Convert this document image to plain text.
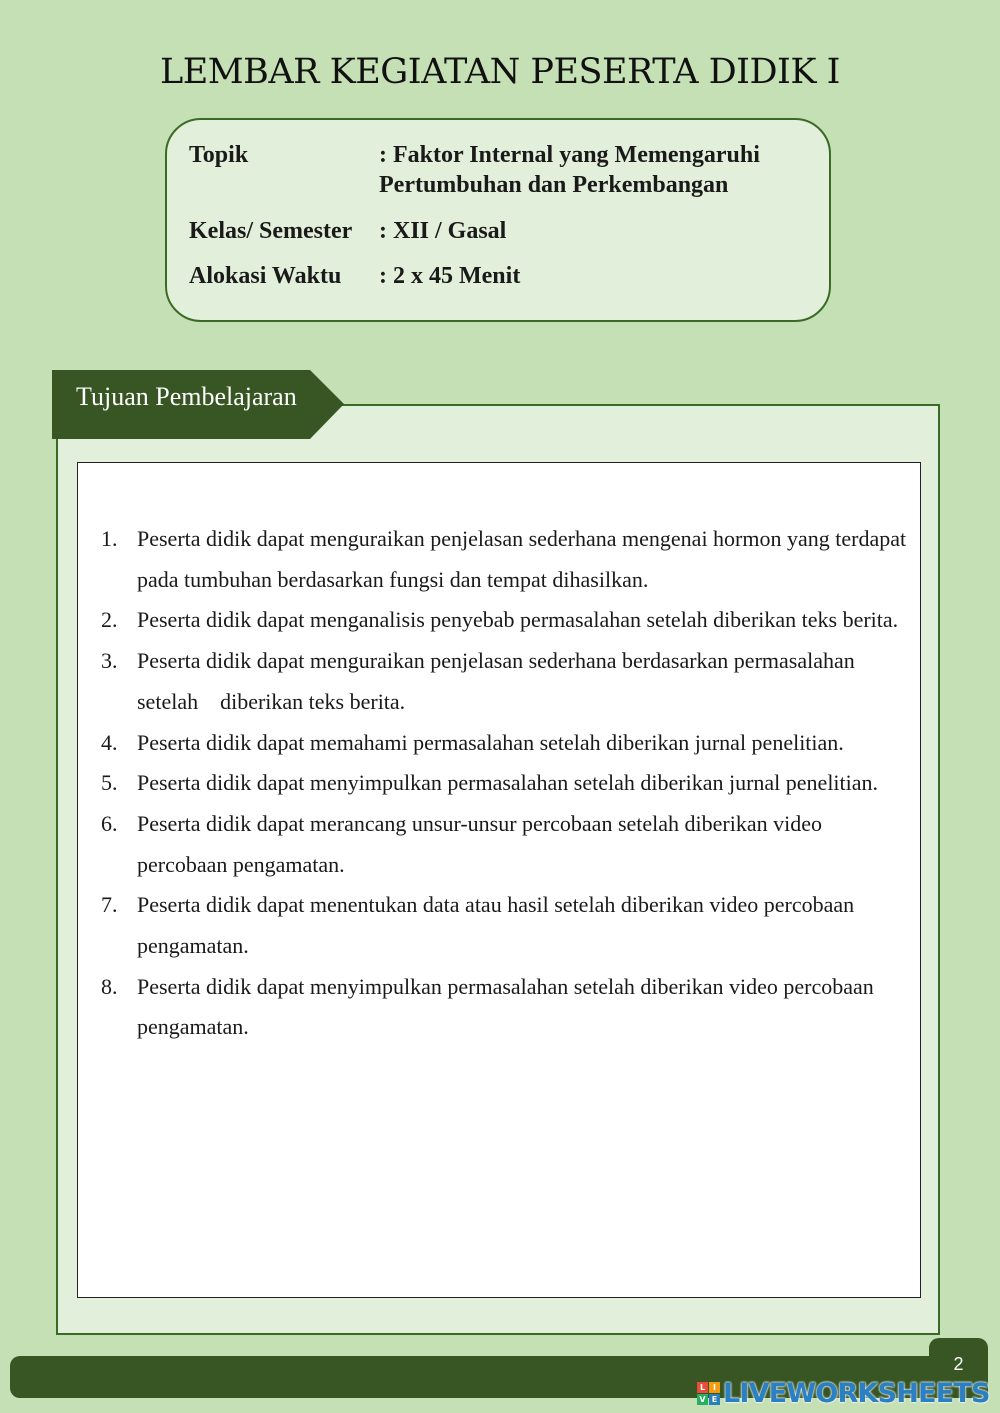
LEMBAR KEGIATAN PESERTA DIDIK I
Topik	: Faktor Internal yang Memengaruhi Pertumbuhan dan Perkembangan
Kelas/ Semester : XII / Gasal
Alokasi Waktu : 2 x 45 Menit
Tujuan Pembelajaran
1. Peserta didik dapat menguraikan penjelasan sederhana mengenai hormon yang terdapat pada tumbuhan berdasarkan fungsi dan tempat dihasilkan.
2. Peserta didik dapat menganalisis penyebab permasalahan setelah diberikan teks berita.
3. Peserta didik dapat menguraikan penjelasan sederhana berdasarkan permasalahan setelah    diberikan teks berita.
4. Peserta didik dapat memahami permasalahan setelah diberikan jurnal penelitian.
5. Peserta didik dapat menyimpulkan permasalahan setelah diberikan jurnal penelitian.
6. Peserta didik dapat merancang unsur-unsur percobaan setelah diberikan video percobaan pengamatan.
7. Peserta didik dapat menentukan data atau hasil setelah diberikan video percobaan pengamatan.
8. Peserta didik dapat menyimpulkan permasalahan setelah diberikan video percobaan pengamatan.
2
L I
V E LIVEWORKSHEETS
